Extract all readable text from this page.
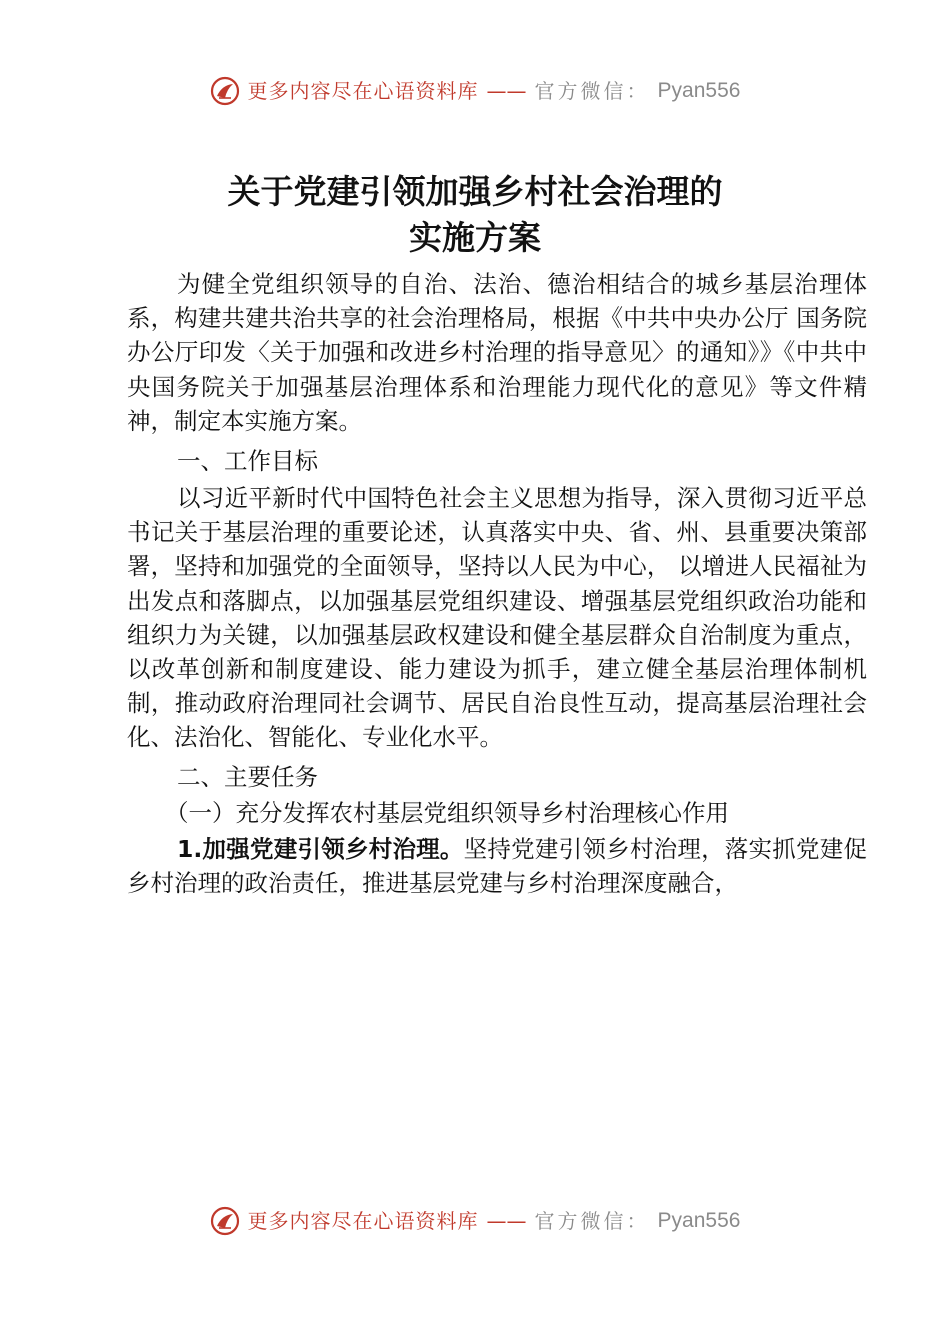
更多内容尽在心语资料库 —— 官方微信： Pyan556
关于党建引领加强乡村社会治理的
实施方案

为健全党组织领导的自治、法治、德治相结合的城乡基层治理体系，构建共建共治共享的社会治理格局，根据《中共中央办公厅 国务院办公厅印发〈关于加强和改进乡村治理的指导意见〉的通知》》《中共中央国务院关于加强基层治理体系和治理能力现代化的意见》等文件精神，制定本实施方案。

一、工作目标

以习近平新时代中国特色社会主义思想为指导，深入贯彻习近平总书记关于基层治理的重要论述，认真落实中央、省、州、县重要决策部署，坚持和加强党的全面领导，坚持以人民为中心， 以增进人民福祉为出发点和落脚点，以加强基层党组织建设、增强基层党组织政治功能和组织力为关键，以加强基层政权建设和健全基层群众自治制度为重点，以改革创新和制度建设、能力建设为抓手，建立健全基层治理体制机制，推动政府治理同社会调节、居民自治良性互动，提高基层治理社会化、法治化、智能化、专业化水平。

二、主要任务
（一）充分发挥农村基层党组织领导乡村治理核心作用

1.加强党建引领乡村治理。坚持党建引领乡村治理，落实抓党建促乡村治理的政治责任，推进基层党建与乡村治理深度融合，

更多内容尽在心语资料库 —— 官方微信： Pyan556
